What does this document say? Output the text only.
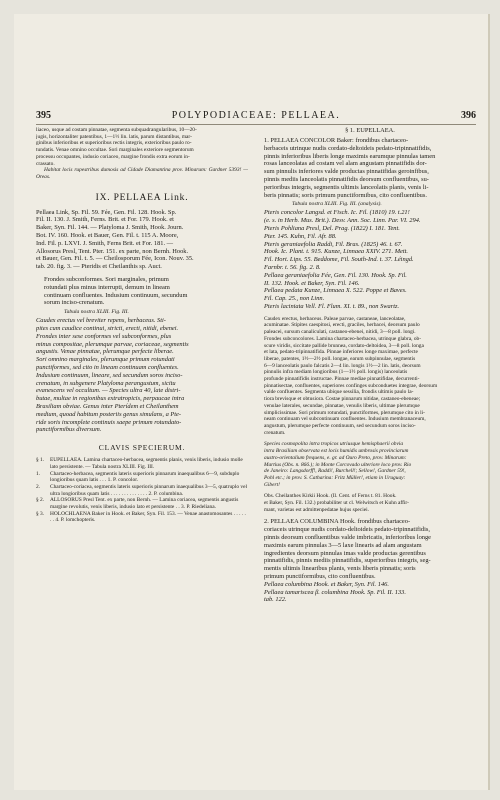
395	POLYPODIACEAE: PELLAEA.	396
liaceo, usque ad costam pinnatae, segmenta subquadrangularibus, 10—20-
jugis, horizontaliter patentibus, 1—1½ lin. latis, parum distantibus, mar-
ginibus inferioribus et superioribus rectis integris, exterioribus paulo ro-
tundatis. Venae omnino occultae. Sori marginales exteriore segmentorum
processu occupantes, indusio coriaceo, margine frondis extra eorum in-
crassato.

Habitat locis rupestribus dumosis ad Cidade Diamantina prov. Minarum: Gardner 5393! — Oreas.

IX. PELLAEA Link.

Pellaea Link, Sp. Fil. 59. Fée, Gen. Fil. 128. Hook. Sp.
Fil. II. 130. J. Smith, Ferns. Brit. et For. 179. Hook. et
Baker, Syn. Fil. 144. — Platyloma J. Smith, Hook. Journ.
Bot. IV. 160. Hook. et Bauer, Gen. Fil. t. 115 A. Moore,
Ind. Fil. p. LXVI. J. Smith, Ferns Brit. et For. 181. —
Allosorus Presl, Tent. Pter. 151. ex parte, non Bernh. Hook.
et Bauer, Gen. Fil. t. 5. — Cheilosporum Fée, Icon. Nouv. 35.
tab. 20. fig. 3. — Pteridis et Cheilanthis sp. Auct.
Frondes subconformes. Sori marginales, primum
rotundati plus minus interrupti, demum in lineam
continuam confluentes. Indusium continuum, secundum
sorum inciso-crenatum.

Tabula nostra XLIII. Fig. III.

Caudex erectus vel breviter repens, herbaceus. Sti-
pites cum caudice continui, stricti, erecti, nitidi, ebenei.
Frondes inter sese conformes vel subconformes, plus
minus compositae, plerumque parvae, coriaceae, segmentis
angustis. Venae pinnatae, plerumque perfecte liberae.
Sori omnino marginales, plerumque primum rotundati
punctiformes, sed cito in lineam continuam confluentes.
Indusium continuum, lineare, sed secundum soros inciso-
crenatum, in subgenere Platyloma perangustum, sicitu
evanescens vel occultum. — Species ultra 40, late distri-
butae, multae in regionibus extratropicis, perpaucae intra
Brasiliam obviae. Genus inter Pterídem et Cheilanthem
medium, quoad habitum posteriis genus simulans, a Pte-
ride soris incomplete continuis saepe primum rotundato-
punctiformibus diversum.

CLAVIS SPECIERUM.

§ 1.	EUPELLAEA. Lamina chartaceo-herbacea, segmentis planis, venis liberis, indusio molle lato persistente. — Tabula nostra XLIII. Fig. III.
1.	Chartaceo-herbacea, segmentis lateris superioris pinnarum inaequalibus 6—9, subduplo longioribus quam latis . . . 1. P. concolor.
2.	Chartaceo-coriacea, segmentis lateris superioris pinnarum inaequalibus 3—5, quatruplo vel ultra longioribus quam latis . . . . . . . . . . . . . . 2. P. columbina.
§ 2.	ALLOSORUS Presl Tent. ex parte, non Bernh. — Lamina coriacea, segmentis angustis margine revolutis, venis liberis, indusio lato et persistente . . 3. P. Riedeliana.
§ 3.	HOLOCHLAENA Baker in Hook. et Baker, Syn. Fil. 153. — Venae anastomosantes . . . . . . . 4. P. lomchopteris.

§ 1. EUPELLAEA.

1. PELLAEA CONCOLOR Baker: frondibus chartaceo-
herbaceis utrinque nudis cordato-deltoideis pedato-tripinnatifidis,
pinnis inferioribus liberis longe maximis earumque pinnulas tamen
rosas lanceolatas ad costam vel alam angustam pinnatifidis dor-
sum pinnulis inferiores valde productas pinnatifidas geroinfibus,
pinnis mediis lanceolatis pinnatifidis deorsum confluentibus, su-
perioribus integris, segmentis ultimis lanceolatis planis, venis li-
beris pinnatis; soris primum punctiformibus, cito confluentibus.

Tabula nostra XLIII. Fig. III. (analysis).

Pteris concolor Langsd. et Fisch. Ic. Fil. (1810) 19. t.21!
(e. s. in Herb. Mus. Brit.). Desv. Ann. Soc. Linn. Par. VI. 294.
Pteris Pohliana Presl, Del. Prag. (1822) I. 181. Tent.
Pter. 145. Kuhn, Fil. Afr. 88.
Pteris geraniaefolia Raddi, Fil. Bras. (1825) 46. t. 67.
Hook. Ic. Plant. t. 915. Kunze, Linnaea XXIV. 271. Mett.
Fil. Hort. Lips. 55. Beddome, Fil. South-Ind. t. 37. Léingd.
Farnbr. t. 56. fig. 2. 8.
Pellaea geraniaefolia Fée, Gen. Fil. 130. Hook. Sp. Fil.
II. 132. Hook. et Baker, Syn. Fil. 146.
Pellaea pedata Kunze, Linnaea X. 522. Poppe et Baves.
Fil. Cap. 25., non Linn.
Pteris laciniata Vell. Fl. Flum. XI. t. 89., non Swartz.
Caudex erectus, herbaceus. Paleae parvae, castaneae, lanceolatae,
acuminatae. Stipites caespitosi, erecti, graciles, herbacei, deorsum paulo
paleacei, sursum canaliculati, castaneo-ebenei, nitidi, 3—8 poll. longi.
Frondes subconcolores. Lamina chartaceo-herbacea, utrinque glabra, ob-
scure viridis, siccitate pallide brunnea, cordato-deltoidea, 3—8 poll. longa
et lata, pedato-tripinnatifida. Pinnae inferiores longe maximae, perfecte
liberae, patentes, 1½—2½ poll. longae, earum subpinnulae, segmentis
6—9 lanceolatis paulo falcatis 2—4 lin. longis 1½—2 lin. latis, deorsum
pinnulis infra mediam longioribus (1—1½ poll. longis) lanceolatis
profunde pinnatifidis instructae. Pinnae mediae pinnatifidae, decurrenti-
pinnatisectae, confluentes, superiores confinges subconduetes integrae, deorsum
valde confluentes. Segmenta ubique sessilia, frondis ultimis paulo la-
tiora brevisque et obtusiora. Costae pinnarum nitidae, castaneo-ebeneae;
venulae laterales, secundae, pinnatae, venulis liberis, ultimae plerumque
simplicissimae. Sori primum rotundati, punctiformes, plerumque cito in li-
neam continuam vel subcontinuam confluentes. Indusium membranaceum,
angustum, plerumque perfecte continuum, sed secundum soros inciso-
crenatum.
Species cosmopolita intra tropicos utriusque hemisphaerii obvia
intra Brasiliam observata est locis humidis umbrosis provinciarum
austro-orientalium frequens, e. gr. ad Ouro Preto, prov. Minarum:
Martius (Obs. n. 866.); in Monte Corcovado ulteriore loco prov. Rio
de Janeiro: Langsdorff!, Raddi!, Burchell!; Sellow!, Gardner 59!,
Pohl etc.; in prov. S. Catharina: Fritz Müller!, etiam in Uruguay:
Gibert!
Obs. Cheilanthes Kirkii Hook. (Il. Cent. of Ferns t. 81. Hook.
et Baker, Syn. Fil. 132.) probabiliter ut cl. Welwitsch et Kuhn affir-
mant, varietas est admittenpedatae hujus speciei.
2. PELLAEA COLUMBINA Hook. frondibus chartaceo-
coriaceis utrinque nudis cordato-deltoideis pedato-tripinnatifidis,
pinnis deorsum confluentibus valde imbricatis, inferioribus longe
maximis earum pinnulas 3—5 laxe linearis ad alam angustam
ingredientes deorsum pinnulas imas valde productas gerentibus
pinnatifidis, pinnis mediis pinnatifidis, superioribus integris, seg-
mentis ultimis linearibus planis, venis liberis pinnatis; soris
primum punctiformibus, cito confluentibus.
Pellaea columbina Hook. et Baker, Syn. Fil. 146.
Pellaea tamariscea β. columbina Hook. Sp. Fil. II. 133.
tab. 122.
